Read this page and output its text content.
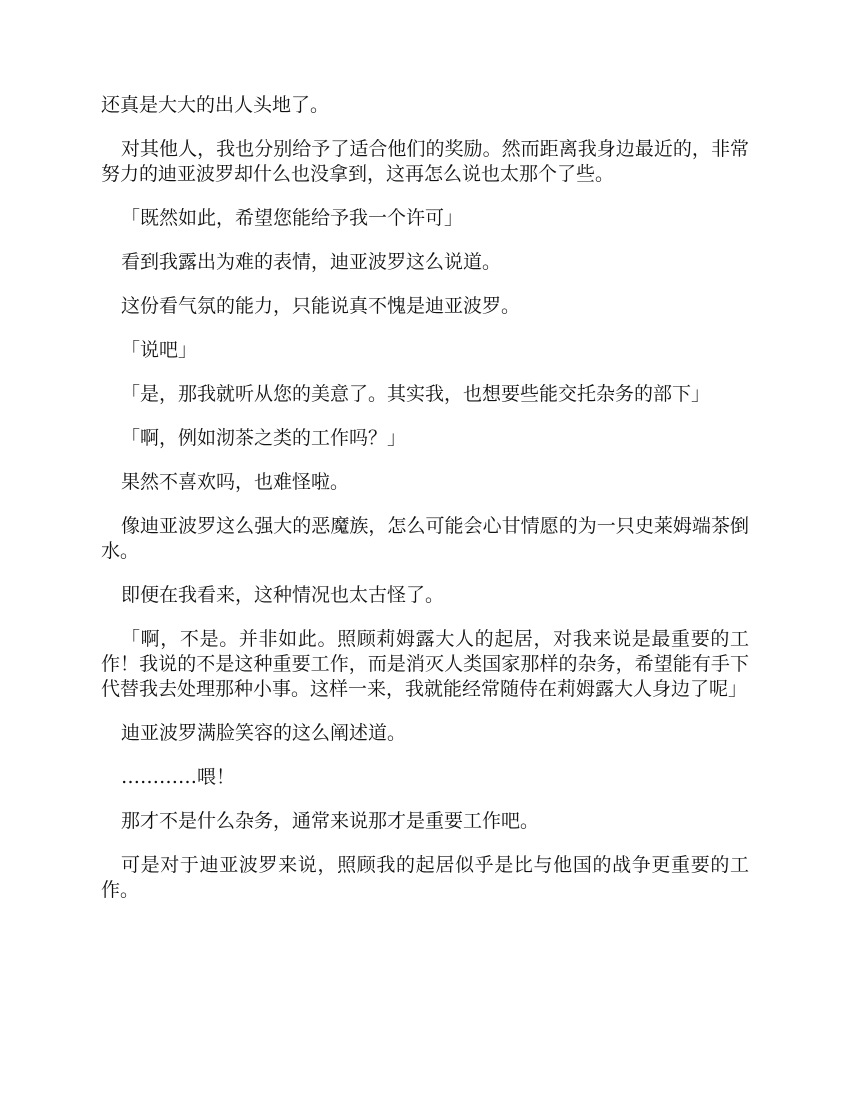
还真是大大的出人头地了。

对其他人，我也分别给予了适合他们的奖励。然而距离我身边最近的，非常努力的迪亚波罗却什么也没拿到，这再怎么说也太那个了些。

「既然如此，希望您能给予我一个许可」

看到我露出为难的表情，迪亚波罗这么说道。

这份看气氛的能力，只能说真不愧是迪亚波罗。

「说吧」

「是，那我就听从您的美意了。其实我，也想要些能交托杂务的部下」

「啊，例如沏茶之类的工作吗？」

果然不喜欢吗，也难怪啦。

像迪亚波罗这么强大的恶魔族，怎么可能会心甘情愿的为一只史莱姆端茶倒水。

即便在我看来，这种情况也太古怪了。

「啊，不是。并非如此。照顾莉姆露大人的起居，对我来说是最重要的工作！我说的不是这种重要工作，而是消灭人类国家那样的杂务，希望能有手下代替我去处理那种小事。这样一来，我就能经常随侍在莉姆露大人身边了呢」

迪亚波罗满脸笑容的这么阐述道。

…………喂！

那才不是什么杂务，通常来说那才是重要工作吧。

可是对于迪亚波罗来说，照顾我的起居似乎是比与他国的战争更重要的工作。
